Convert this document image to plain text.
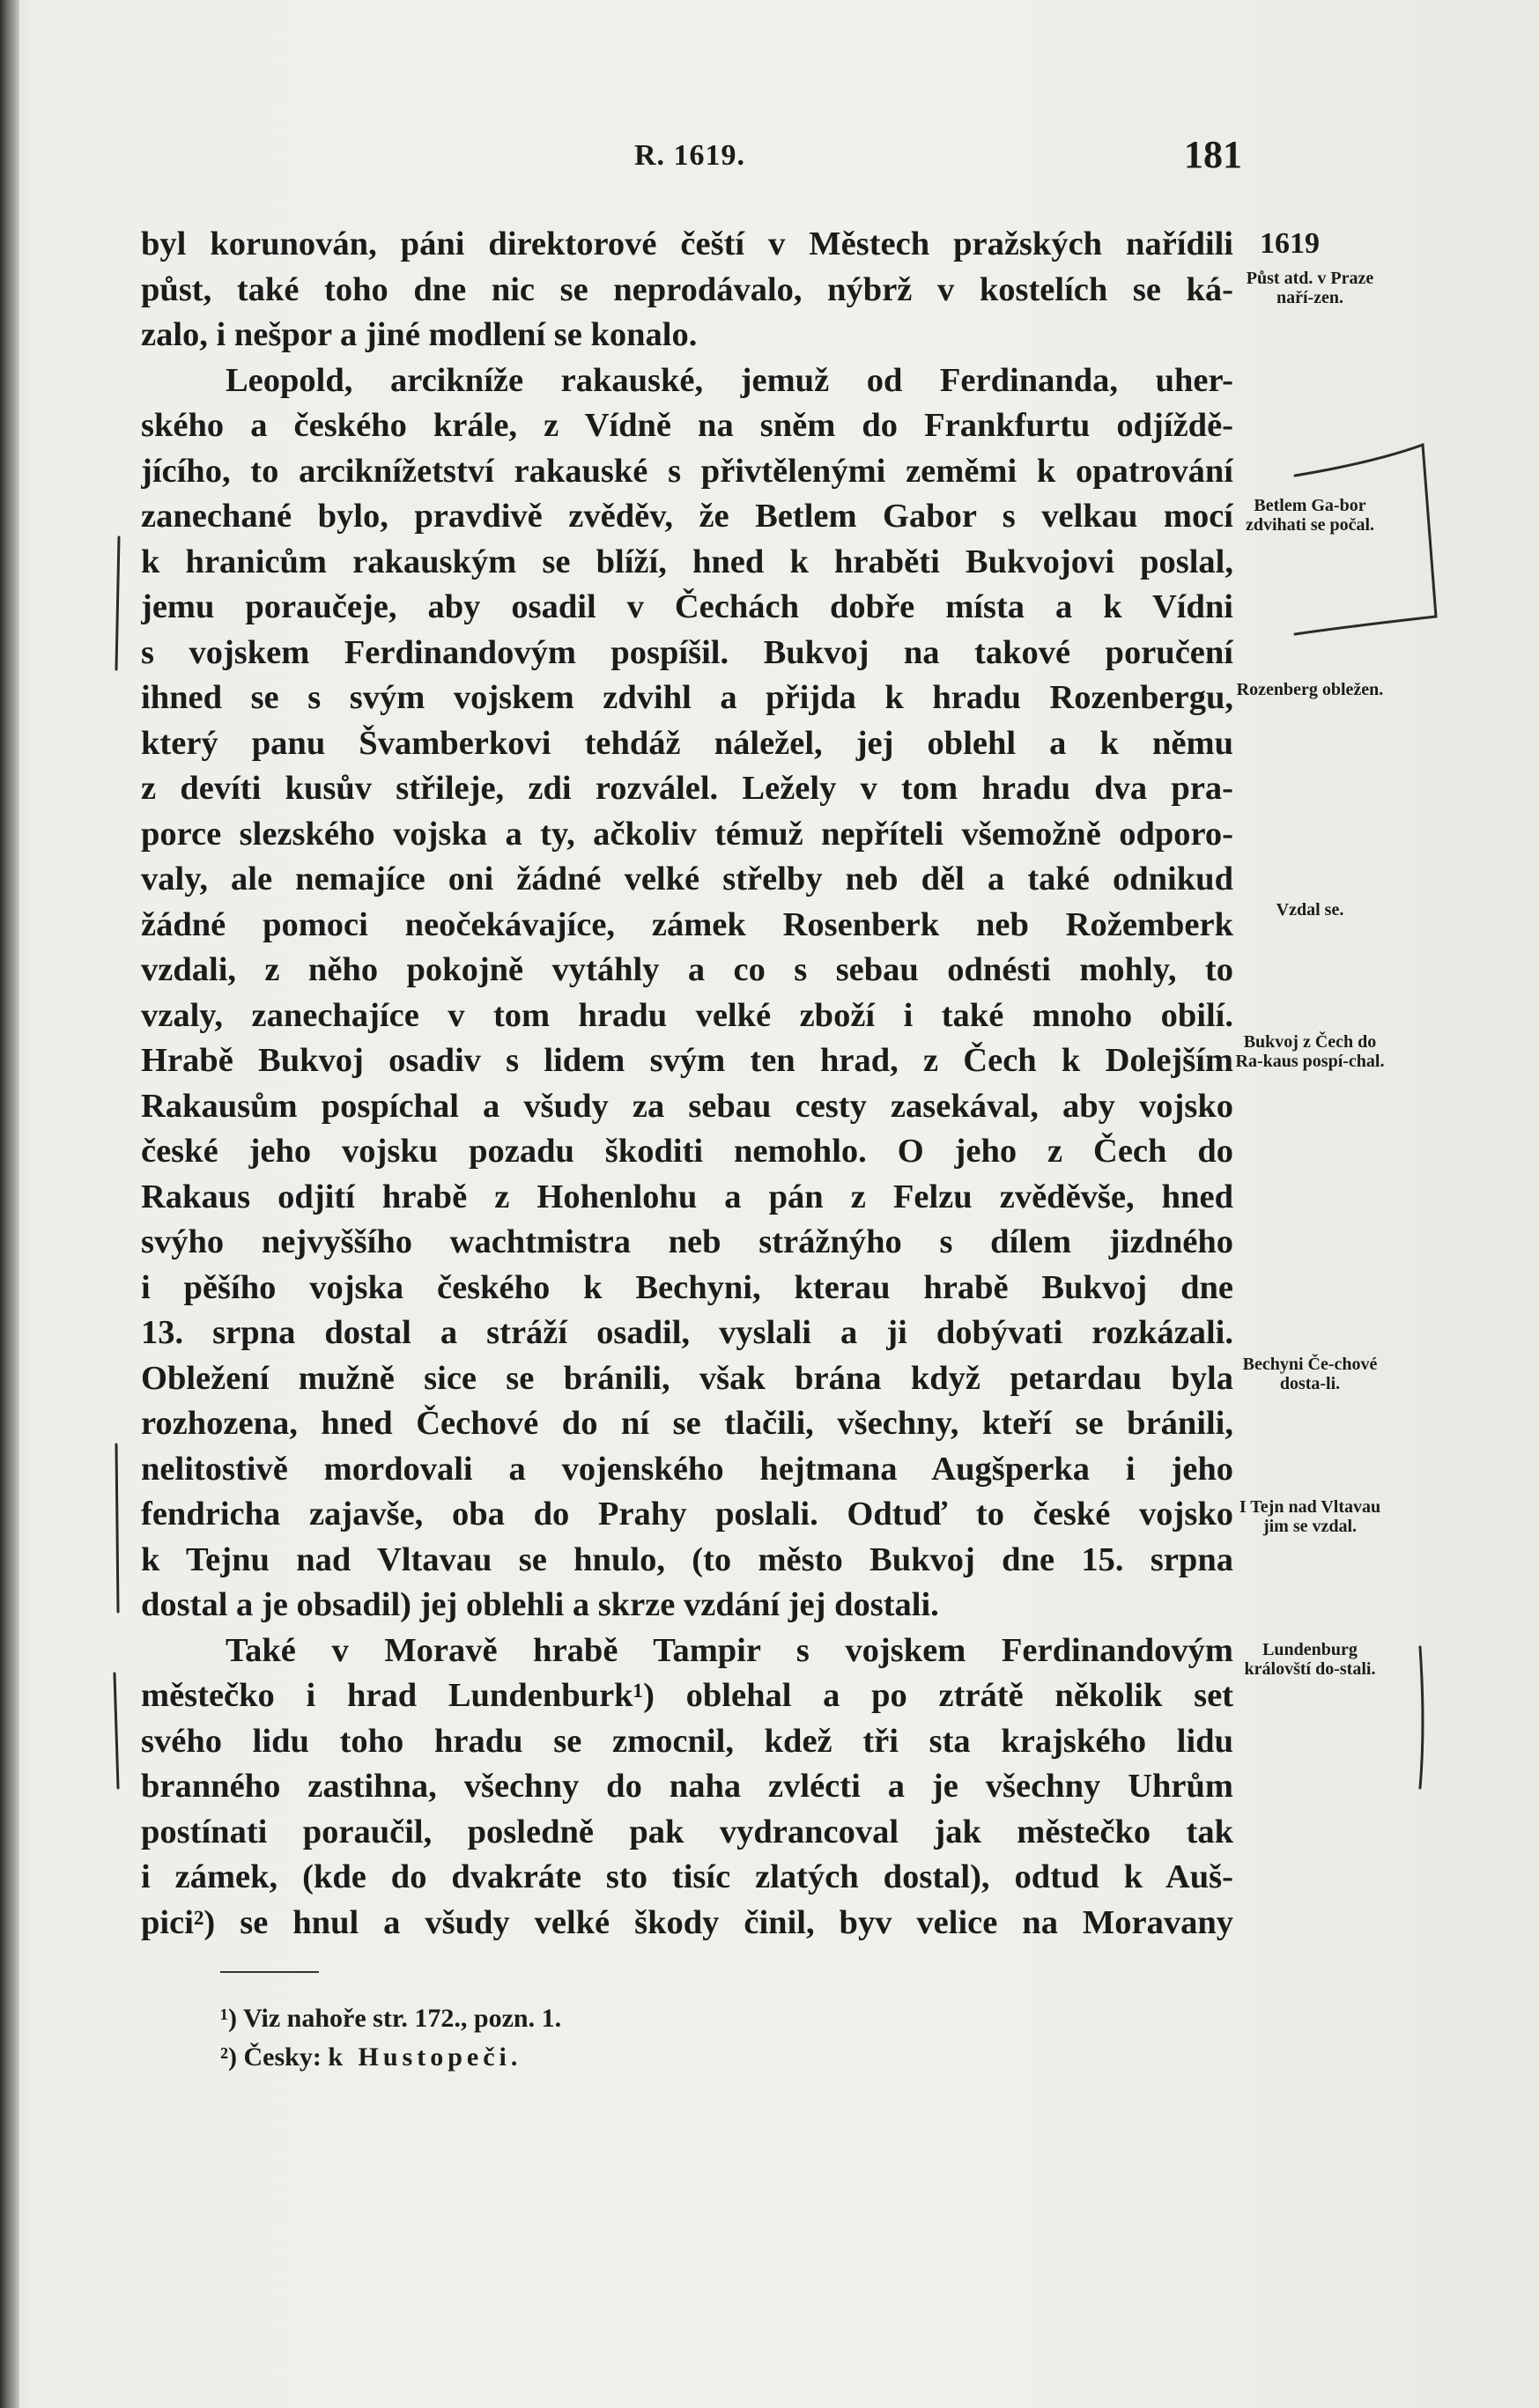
R. 1619.	181
byl korunován, páni direktorové čeští v Městech pražských nařídili
půst, také toho dne nic se neprodávalo, nýbrž v kostelích se ká-
zalo, i nešpor a jiné modlení se konalo.
Leopold, arcikníže rakauské, jemuž od Ferdinanda, uher-
ského a českého krále, z Vídně na sněm do Frankfurtu odjíždě-
jícího, to arciknížetství rakauské s přivtělenými zeměmi k opatrování
zanechané bylo, pravdivě zvěděv, že Betlem Gabor s velkau mocí
k hranicům rakauským se blíží, hned k hraběti Bukvojovi poslal,
jemu poraučeje, aby osadil v Čechách dobře místa a k Vídni
s vojskem Ferdinandovým pospíšil. Bukvoj na takové poručení
ihned se s svým vojskem zdvihl a přijda k hradu Rozenbergu,
který panu Švamberkovi tehdáž náležel, jej oblehl a k němu
z devíti kusův střileje, zdi rozválel. Ležely v tom hradu dva pra-
porce slezského vojska a ty, ačkoliv témuž nepříteli všemožně odporo-
valy, ale nemajíce oni žádné velké střelby neb děl a také odnikud
žádné pomoci neočekávajíce, zámek Rosenberk neb Rožemberk
vzdali, z něho pokojně vytáhly a co s sebau odnésti mohly, to
vzaly, zanechajíce v tom hradu velké zboží i také mnoho obilí.
Hrabě Bukvoj osadiv s lidem svým ten hrad, z Čech k Dolejším
Rakausům pospíchal a všudy za sebau cesty zasekával, aby vojsko
české jeho vojsku pozadu škoditi nemohlo. O jeho z Čech do
Rakaus odjití hrabě z Hohenlohu a pán z Felzu zvěděvše, hned
svýho nejvyššího wachtmistra neb strážnýho s dílem jizdného
i pěšího vojska českého k Bechyni, kterau hrabě Bukvoj dne
13. srpna dostal a stráží osadil, vyslali a ji dobývati rozkázali.
Obležení mužně sice se bránili, však brána když petardau byla
rozhozena, hned Čechové do ní se tlačili, všechny, kteří se bránili,
nelitostivě mordovali a vojenského hejtmana Augšperka i jeho
fendricha zajavše, oba do Prahy poslali. Odtuď to české vojsko
k Tejnu nad Vltavau se hnulo, (to město Bukvoj dne 15. srpna
dostal a je obsadil) jej oblehli a skrze vzdání jej dostali.
Také v Moravě hrabě Tampir s vojskem Ferdinandovým
městečko i hrad Lundenburk¹) oblehal a po ztrátě několik set
svého lidu toho hradu se zmocnil, kdež tři sta krajského lidu
branného zastihna, všechny do naha zvlécti a je všechny Uhrům
postínati poraučil, posledně pak vydrancoval jak městečko tak
i zámek, (kde do dvakráte sto tisíc zlatých dostal), odtud k Auš-
pici²) se hnul a všudy velké škody činil, byv velice na Moravany
1619
Půst atd. v Praze naří-zen.
Betlem Ga-bor zdvihati se počal.
Rozenberg obležen.
Vzdal se.
Bukvoj z Čech do Ra-kaus pospí-chal.
Bechyni Če-chové dosta-li.
I Tejn nad Vltavau jim se vzdal.
Lundenburg královští do-stali.
¹) Viz nahoře str. 172., pozn. 1.
²) Česky: k Hustopeči.
